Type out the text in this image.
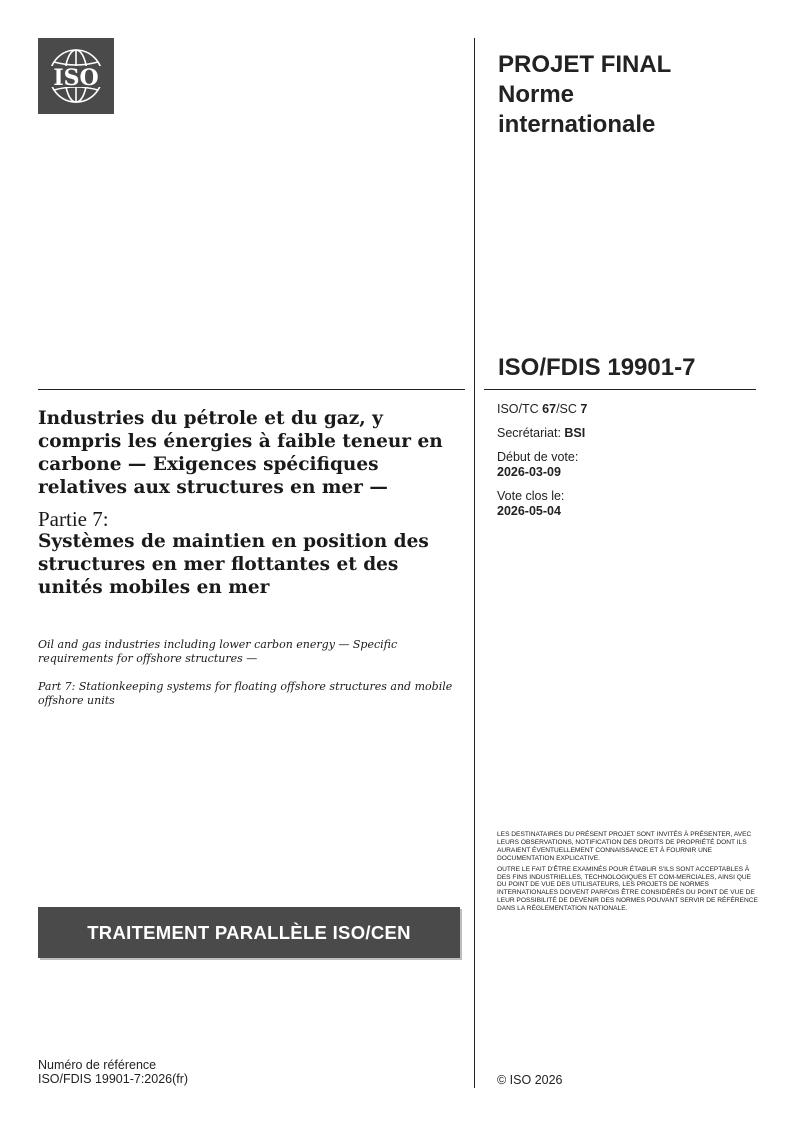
ISO	PROJET FINAL
Norme
internationale
ISO/FDIS 19901-7
ISO/TC 67/SC 7
Secrétariat: BSI
Début de vote:
2026-03-09
Vote clos le:
2026-05-04
Industries du pétrole et du gaz, y compris les énergies à faible teneur en carbone — Exigences spécifiques relatives aux structures en mer —
Partie 7:
Systèmes de maintien en position des structures en mer flottantes et des unités mobiles en mer
Oil and gas industries including lower carbon energy — Specific requirements for offshore structures —
Part 7: Stationkeeping systems for floating offshore structures and mobile offshore units
TRAITEMENT PARALLÈLE ISO/CEN

LES DESTINATAIRES DU PRÉSENT PROJET SONT INVITÉS À PRÉSENTER, AVEC LEURS OBSERVATIONS, NOTIFICATION DES DROITS DE PROPRIÉTÉ DONT ILS AURAIENT ÉVENTUELLEMENT CONNAISSANCE ET À FOURNIR UNE DOCUMENTATION EXPLICATIVE.

OUTRE LE FAIT D'ÊTRE EXAMINÉS POUR ÉTABLIR S'ILS SONT ACCEPTABLES À DES FINS INDUSTRIELLES, TECHNOLOGIQUES ET COM-MERCIALES, AINSI QUE DU POINT DE VUE DES UTILISATEURS, LES PROJETS DE NORMES INTERNATIONALES DOIVENT PARFOIS ÊTRE CONSIDÉRÉS DU POINT DE VUE DE LEUR POSSIBILITÉ DE DEVENIR DES NORMES POUVANT SERVIR DE RÉFÉRENCE DANS LA RÉGLEMENTATION NATIONALE.

Numéro de référence
ISO/FDIS 19901-7:2026(fr)	© ISO 2026
